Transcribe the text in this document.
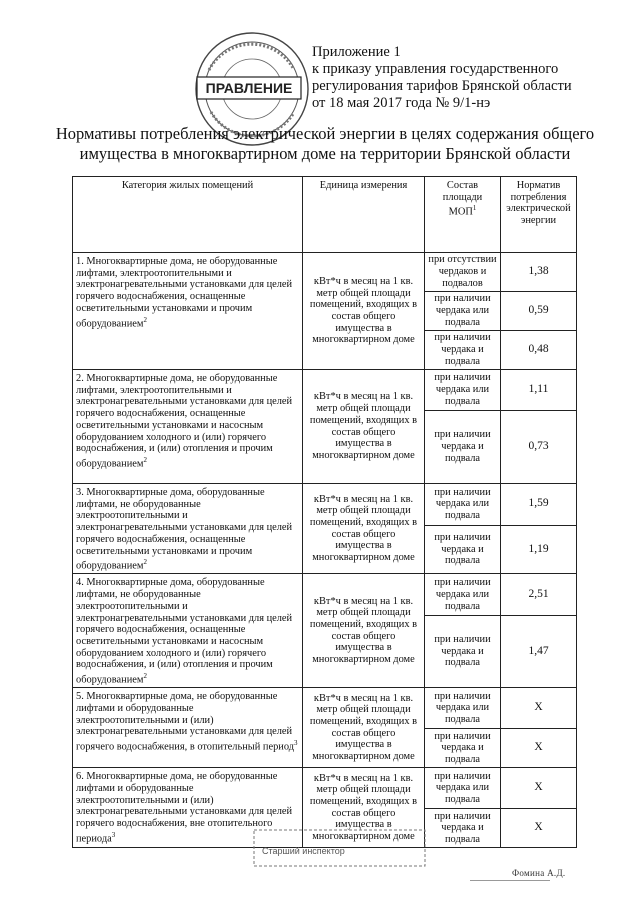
ПРАВЛЕНИЕ
Приложение 1
к приказу управления государственного
регулирования тарифов Брянской области
от 18 мая 2017 года № 9/1-нэ
Нормативы потребления электрической энергии в целях содержания общего
имущества в многоквартирном доме на территории Брянской области
Категория жилых помещений	Единица измерения	Состав площади МОП$^1$	Норматив потребления электрической энергии
1. Многоквартирные дома, не оборудованные лифтами, электроотопительными и электронагревательными установками для целей горячего водоснабжения, оснащенные осветительными установками и прочим оборудованием$^2$	кВт*ч в месяц на 1 кв. метр общей площади помещений, входящих в состав общего имущества в многоквартирном доме	при отсутствии чердаков и подвалов	1,38
		при наличии чердака или подвала	0,59
		при наличии чердака и подвала	0,48
2. Многоквартирные дома, не оборудованные лифтами, электроотопительными и электронагревательными установками для целей горячего водоснабжения, оснащенные осветительными установками и насосным оборудованием холодного и (или) горячего водоснабжения, и (или) отопления и прочим оборудованием$^2$	кВт*ч в месяц на 1 кв. метр общей площади помещений, входящих в состав общего имущества в многоквартирном доме	при наличии чердака или подвала	1,11
		при наличии чердака и подвала	0,73
3. Многоквартирные дома, оборудованные лифтами, не оборудованные электроотопительными и электронагревательными установками для целей горячего водоснабжения, оснащенные осветительными установками и прочим оборудованием$^2$	кВт*ч в месяц на 1 кв. метр общей площади помещений, входящих в состав общего имущества в многоквартирном доме	при наличии чердака или подвала	1,59
		при наличии чердака и подвала	1,19
4. Многоквартирные дома, оборудованные лифтами, не оборудованные электроотопительными и электронагревательными установками для целей горячего водоснабжения, оснащенные осветительными установками и насосным оборудованием холодного и (или) горячего водоснабжения, и (или) отопления и прочим оборудованием$^2$	кВт*ч в месяц на 1 кв. метр общей площади помещений, входящих в состав общего имущества в многоквартирном доме	при наличии чердака или подвала	2,51
		при наличии чердака и подвала	1,47
5. Многоквартирные дома, не оборудованные лифтами и оборудованные электроотопительными и (или) электронагревательными установками для целей горячего водоснабжения, в отопительный период$^3$	кВт*ч в месяц на 1 кв. метр общей площади помещений, входящих в состав общего имущества в многоквартирном доме	при наличии чердака или подвала	Х
		при наличии чердака и подвала	Х
6. Многоквартирные дома, не оборудованные лифтами и оборудованные электроотопительными и (или) электронагревательными установками для целей горячего водоснабжения, вне отопительного периода$^3$	кВт*ч в месяц на 1 кв. метр общей площади помещений, входящих в состав общего имущества в многоквартирном доме	при наличии чердака или подвала	Х
		при наличии чердака и подвала	Х
Старший инспектор
Фомина А.Д.
